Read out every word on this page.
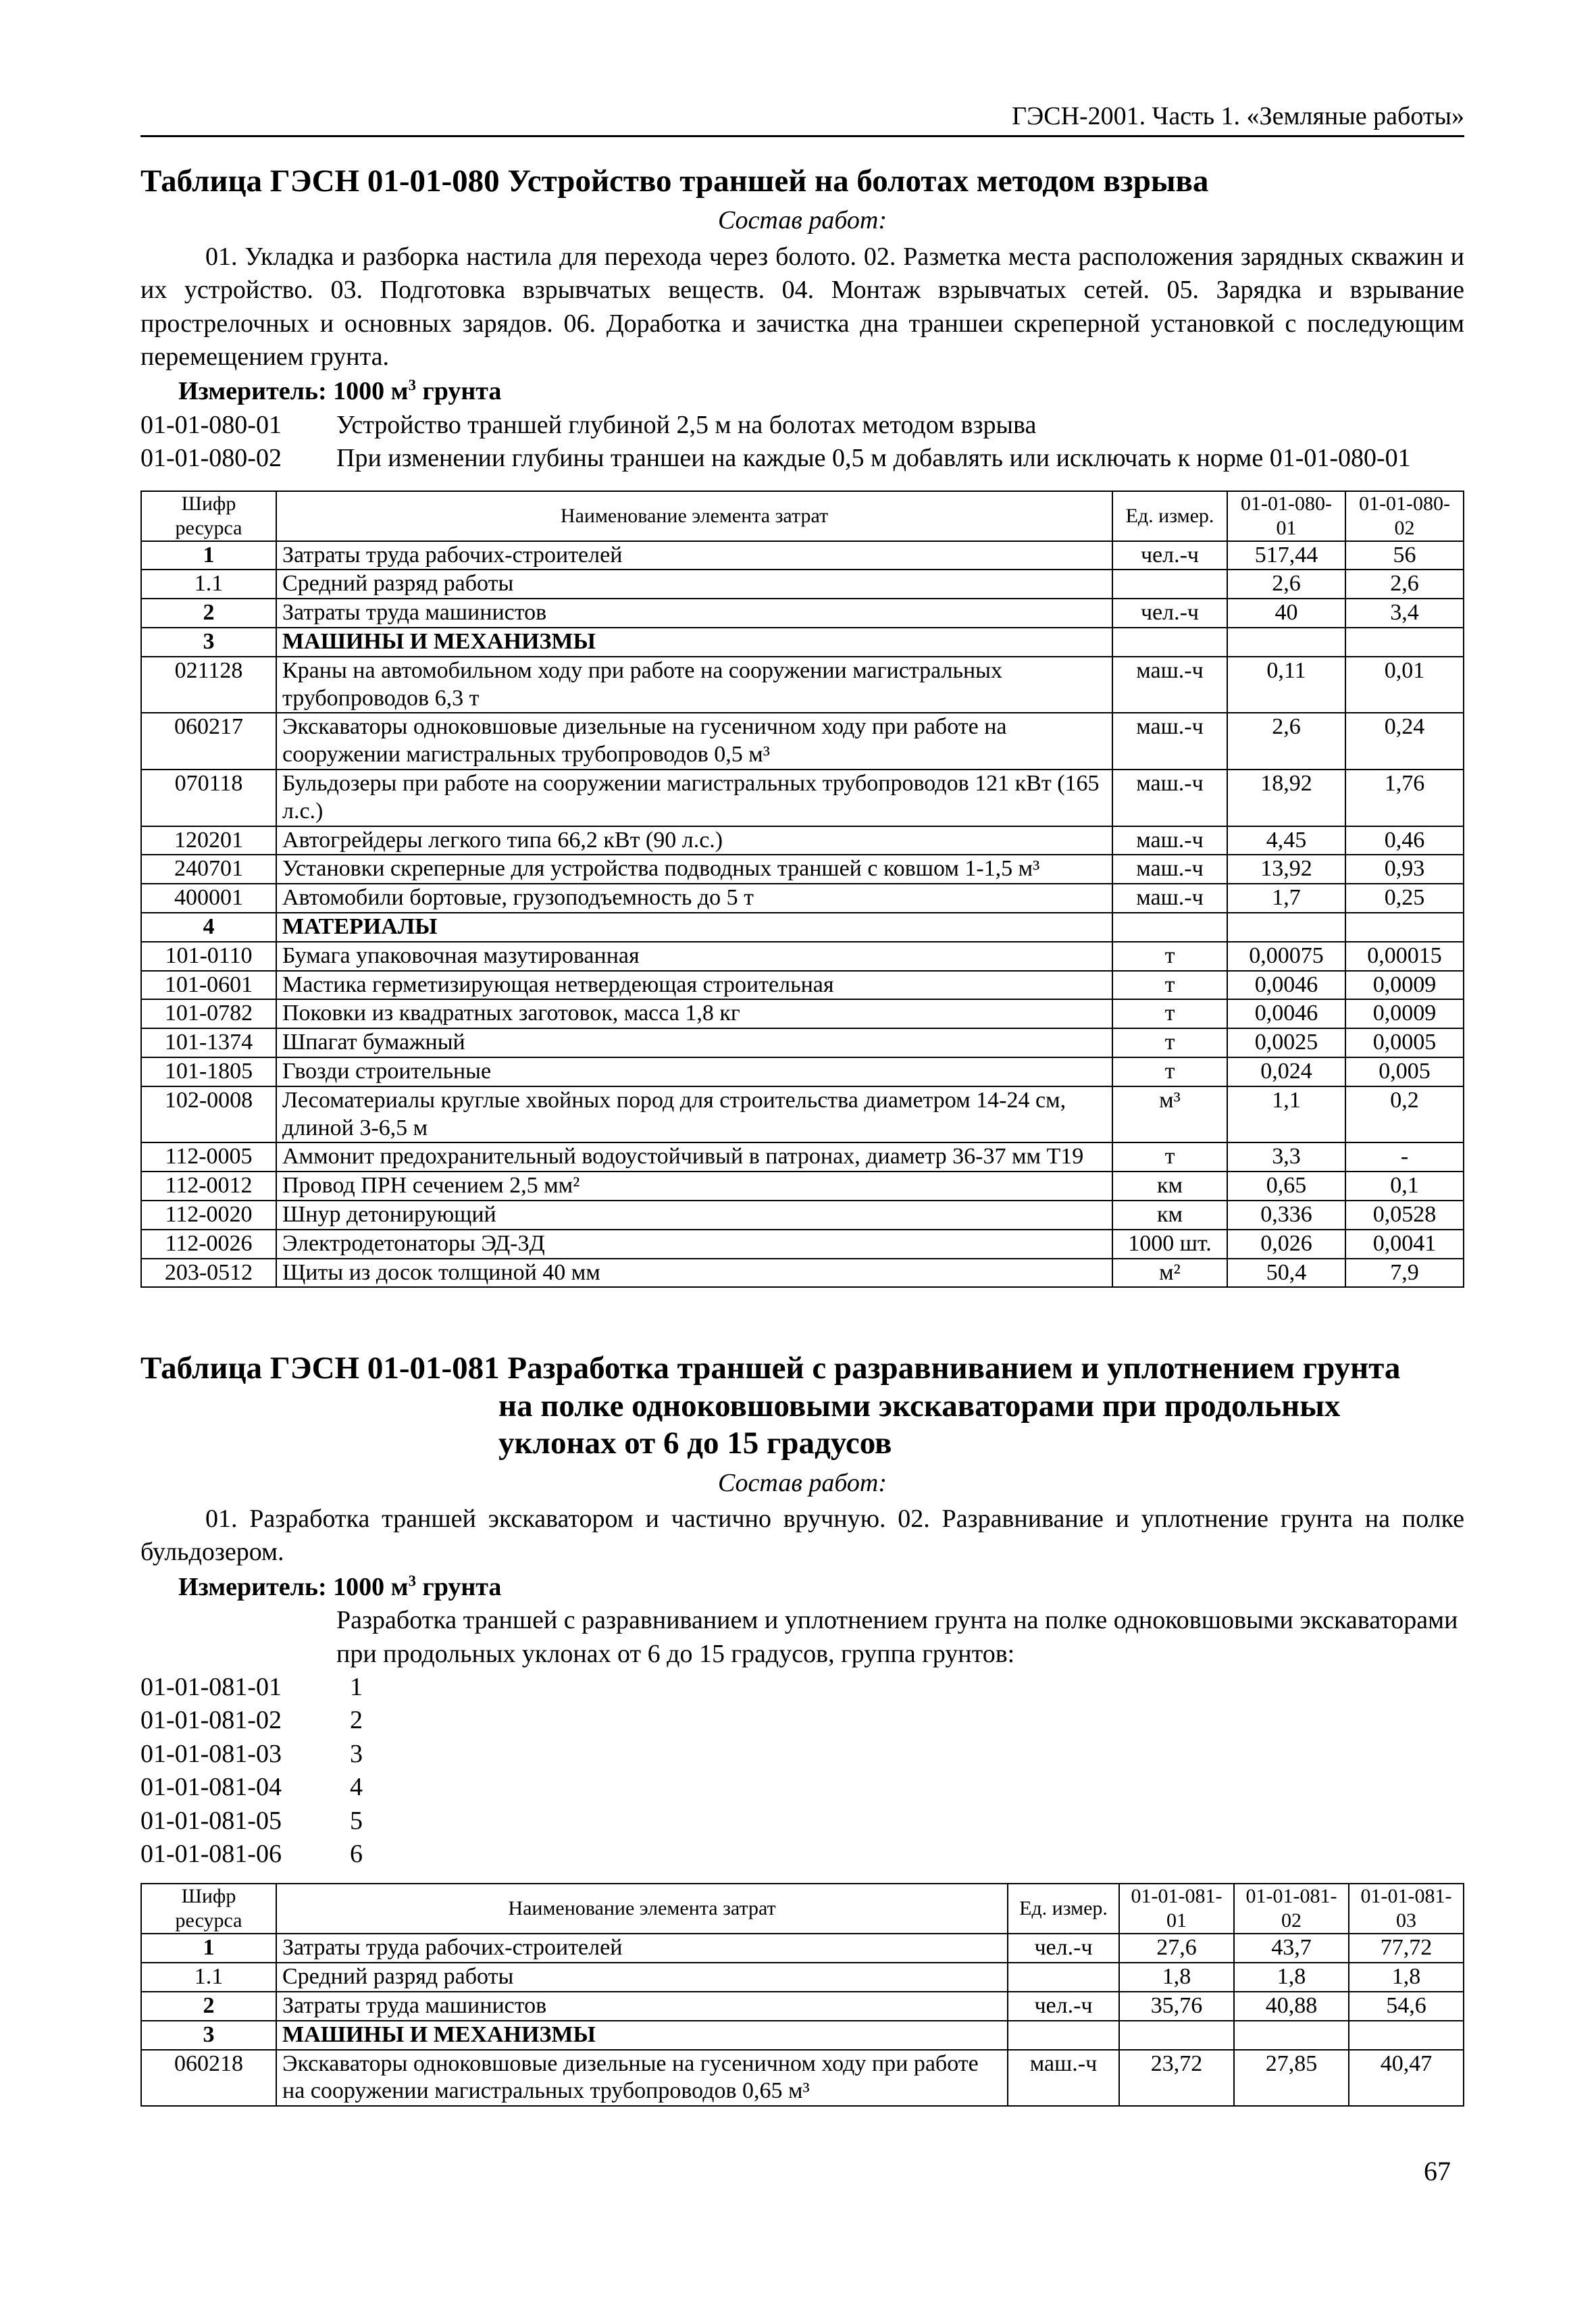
ГЭСН-2001. Часть 1. «Земляные работы»
Таблица ГЭСН 01-01-080 Устройство траншей на болотах методом взрыва
Состав работ:

01. Укладка и разборка настила для перехода через болото. 02. Разметка места расположения зарядных скважин и их устройство. 03. Подготовка взрывчатых веществ. 04. Монтаж взрывчатых сетей. 05. Зарядка и взрывание прострелочных и основных зарядов. 06. Доработка и зачистка дна траншеи скреперной установкой с последующим перемещением грунта.

Измеритель: 1000 $м^3$ грунта
01-01-080-01	Устройство траншей глубиной 2,5 м на болотах методом взрыва
01-01-080-02	При изменении глубины траншеи на каждые 0,5 м добавлять или исключать к норме 01-01-080-01
Шифр ресурса	Наименование элемента затрат	Ед. измер.	01-01-080-01	01-01-080-02
1	Затраты труда рабочих-строителей	чел.-ч	517,44	56
1.1	Средний разряд работы		2,6	2,6
2	Затраты труда машинистов	чел.-ч	40	3,4
3	МАШИНЫ И МЕХАНИЗМЫ			
021128	Краны на автомобильном ходу при работе на сооружении магистральных трубопроводов 6,3 т	маш.-ч	0,11	0,01
060217	Экскаваторы одноковшовые дизельные на гусеничном ходу при работе на сооружении магистральных трубопроводов 0,5 м³	маш.-ч	2,6	0,24
070118	Бульдозеры при работе на сооружении магистральных трубопроводов 121 кВт (165 л.с.)	маш.-ч	18,92	1,76
120201	Автогрейдеры легкого типа 66,2 кВт (90 л.с.)	маш.-ч	4,45	0,46
240701	Установки скреперные для устройства подводных траншей с ковшом 1-1,5 м³	маш.-ч	13,92	0,93
400001	Автомобили бортовые, грузоподъемность до 5 т	маш.-ч	1,7	0,25
4	МАТЕРИАЛЫ			
101-0110	Бумага упаковочная мазутированная	т	0,00075	0,00015
101-0601	Мастика герметизирующая нетвердеющая строительная	т	0,0046	0,0009
101-0782	Поковки из квадратных заготовок, масса 1,8 кг	т	0,0046	0,0009
101-1374	Шпагат бумажный	т	0,0025	0,0005
101-1805	Гвозди строительные	т	0,024	0,005
102-0008	Лесоматериалы круглые хвойных пород для строительства диаметром 14-24 см, длиной 3-6,5 м	м³	1,1	0,2
112-0005	Аммонит предохранительный водоустойчивый в патронах, диаметр 36-37 мм Т19	т	3,3	-
112-0012	Провод ПРН сечением 2,5 мм²	км	0,65	0,1
112-0020	Шнур детонирующий	км	0,336	0,0528
112-0026	Электродетонаторы ЭД-3Д	1000 шт.	0,026	0,0041
203-0512	Щиты из досок толщиной 40 мм	м²	50,4	7,9
Таблица ГЭСН 01-01-081 Разработка траншей с разравниванием и уплотнением грунта
на полке одноковшовыми экскаваторами при продольных
уклонах от 6 до 15 градусов
Состав работ:

01. Разработка траншей экскаватором и частично вручную. 02. Разравнивание и уплотнение грунта на полке бульдозером.

Измеритель: 1000 $м^3$ грунта
Разработка траншей с разравниванием и уплотнением грунта на полке одноковшовыми экскаваторами при продольных уклонах от 6 до 15 градусов, группа грунтов:
01-01-081-01	1
01-01-081-02	2
01-01-081-03	3
01-01-081-04	4
01-01-081-05	5
01-01-081-06	6
Шифр ресурса	Наименование элемента затрат	Ед. измер.	01-01-081-01	01-01-081-02	01-01-081-03
1	Затраты труда рабочих-строителей	чел.-ч	27,6	43,7	77,72
1.1	Средний разряд работы		1,8	1,8	1,8
2	Затраты труда машинистов	чел.-ч	35,76	40,88	54,6
3	МАШИНЫ И МЕХАНИЗМЫ				
060218	Экскаваторы одноковшовые дизельные на гусеничном ходу при работе на сооружении магистральных трубопроводов 0,65 м³	маш.-ч	23,72	27,85	40,47
67
